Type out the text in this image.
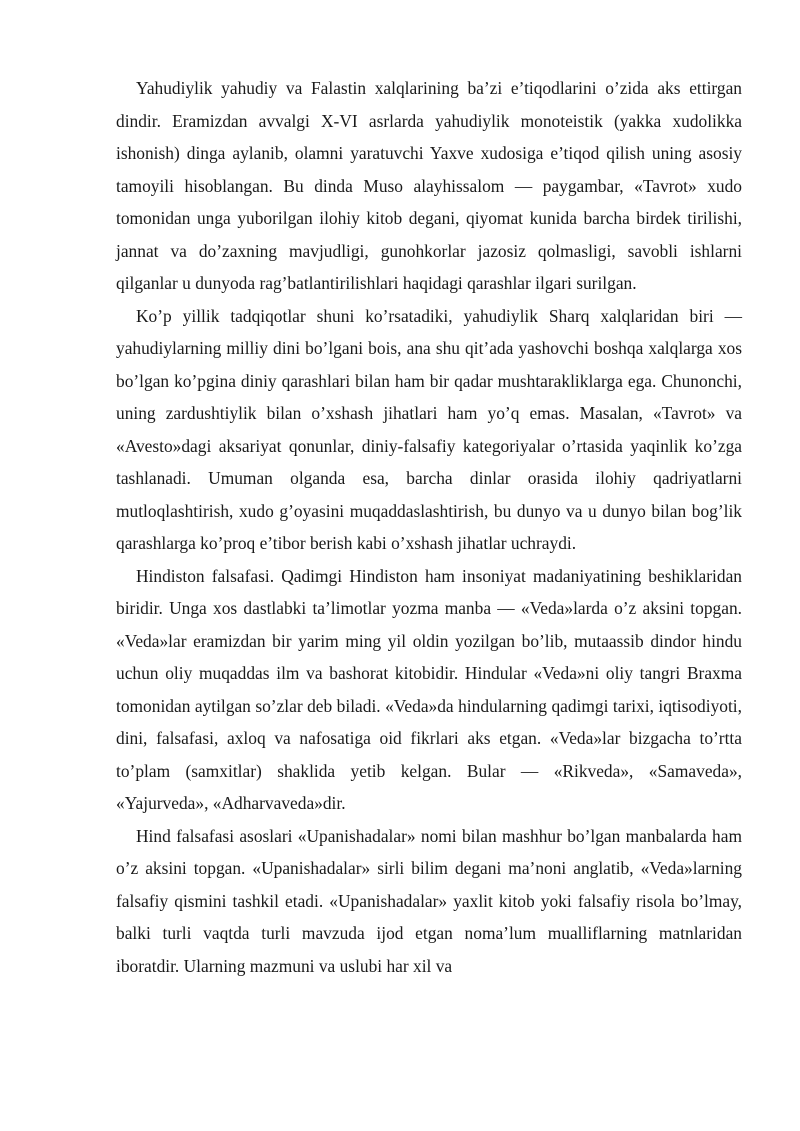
Yahudiylik yahudiy va Falastin xalqlarining ba’zi e’tiqodlarini o’zida aks ettirgan dindir. Eramizdan avvalgi X-VI asrlarda yahudiylik monoteistik (yakka xudolikka ishonish) dinga aylanib, olamni yaratuvchi Yaxve xudosiga e’tiqod qilish uning asosiy tamoyili hisoblangan. Bu dinda Muso alayhissalom — paygambar, «Tavrot» xudo tomonidan unga yuborilgan ilohiy kitob degani, qiyomat kunida barcha birdek tirilishi, jannat va do’zaxning mavjudligi, gunohkorlar jazosiz qolmasligi, savobli ishlarni qilganlar u dunyoda rag’batlantirilishlari haqidagi qarashlar ilgari surilgan.

Ko’p yillik tadqiqotlar shuni ko’rsatadiki, yahudiylik Sharq xalqlaridan biri — yahudiylarning milliy dini bo’lgani bois, ana shu qit’ada yashovchi boshqa xalqlarga xos bo’lgan ko’pgina diniy qarashlari bilan ham bir qadar mushtarakliklarga ega. Chunonchi, uning zardushtiylik bilan o’xshash jihatlari ham yo’q emas. Masalan, «Tavrot» va «Avesto»dagi aksariyat qonunlar, diniy-falsafiy kategoriyalar o’rtasida yaqinlik ko’zga tashlanadi. Umuman olganda esa, barcha dinlar orasida ilohiy qadriyatlarni mutloqlashtirish, xudo g’oyasini muqaddaslashtirish, bu dunyo va u dunyo bilan bog’lik qarashlarga ko’proq e’tibor berish kabi o’xshash jihatlar uchraydi.

Hindiston falsafasi. Qadimgi Hindiston ham insoniyat madaniyatining beshiklaridan biridir. Unga xos dastlabki ta’limotlar yozma manba — «Veda»larda o’z aksini topgan. «Veda»lar eramizdan bir yarim ming yil oldin yozilgan bo’lib, mutaassib dindor hindu uchun oliy muqaddas ilm va bashorat kitobidir. Hindular «Veda»ni oliy tangri Braxma tomonidan aytilgan so’zlar deb biladi. «Veda»da hindularning qadimgi tarixi, iqtisodiyoti, dini, falsafasi, axloq va nafosatiga oid fikrlari aks etgan. «Veda»lar bizgacha to’rtta to’plam (samxitlar) shaklida yetib kelgan. Bular — «Rikveda», «Samaveda», «Yajurveda», «Adharvaveda»dir.

Hind falsafasi asoslari «Upanishadalar» nomi bilan mashhur bo’lgan manbalarda ham o’z aksini topgan. «Upanishadalar» sirli bilim degani ma’noni anglatib, «Veda»larning falsafiy qismini tashkil etadi. «Upanishadalar» yaxlit kitob yoki falsafiy risola bo’lmay, balki turli vaqtda turli mavzuda ijod etgan noma’lum mualliflarning matnlaridan iboratdir. Ularning mazmuni va uslubi har xil va
